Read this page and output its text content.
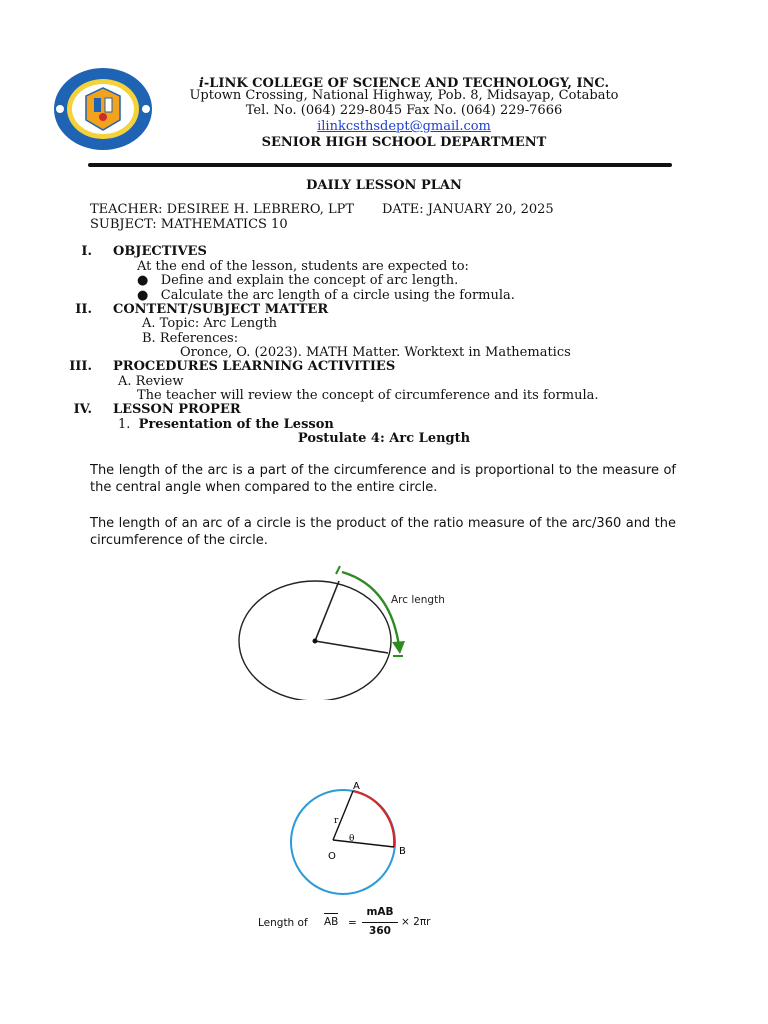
i-LINK COLLEGE OF SCIENCE AND TECHNOLOGY, INC.
Uptown Crossing, National Highway, Pob. 8, Midsayap, Cotabato
Tel. No. (064) 229-8045 Fax No. (064) 229-7666
ilinkcsthsdept@gmail.com
SENIOR HIGH SCHOOL DEPARTMENT
DAILY LESSON PLAN
TEACHER: DESIREE H. LEBRERO, LPT DATE: JANUARY 20, 2025
SUBJECT: MATHEMATICS 10
I. OBJECTIVES
At the end of the lesson, students are expected to:
●   Define and explain the concept of arc length.
●   Calculate the arc length of a circle using the formula.
II. CONTENT/SUBJECT MATTER
A. Topic: Arc Length
B. References:
Oronce, O. (2023). MATH Matter. Worktext in Mathematics
III. PROCEDURES LEARNING ACTIVITIES
A. Review
The teacher will review the concept of circumference and its formula.
IV. LESSON PROPER
1. Presentation of the Lesson
Postulate 4: Arc Length
The length of the arc is a part of the circumference and is proportional to the measure of the central angle when compared to the entire circle.
The length of an arc of a circle is the product of the ratio measure of the arc/360 and the circumference of the circle.
Arc length
A
B
O
r
θ
Length of AB =
mAB
360
× 2πr
